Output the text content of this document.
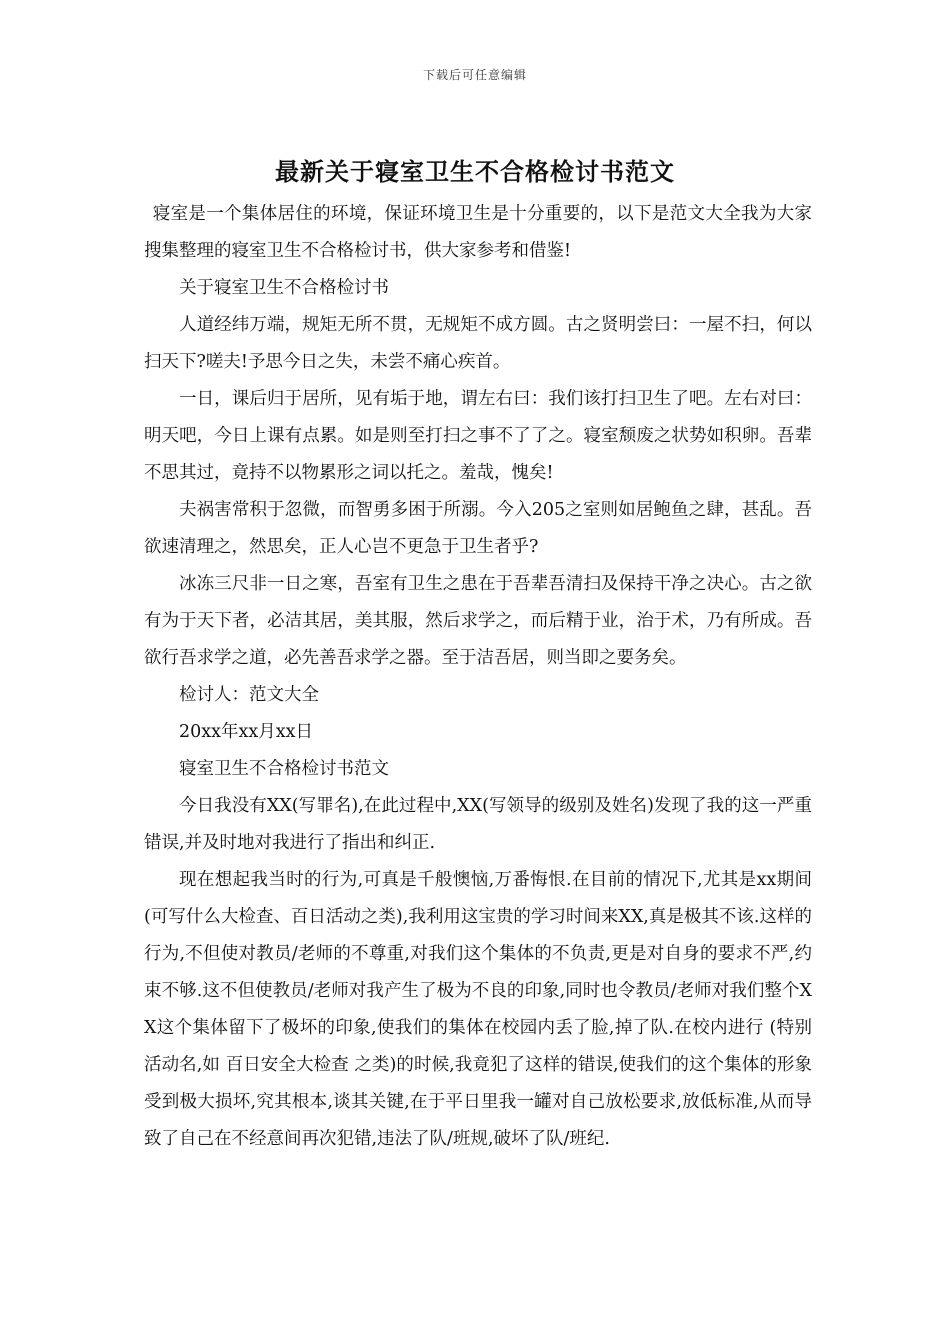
下载后可任意编辑
最新关于寝室卫生不合格检讨书范文

寝室是一个集体居住的环境，保证环境卫生是十分重要的，以下是范文大全我为大家搜集整理的寝室卫生不合格检讨书，供大家参考和借鉴!

关于寝室卫生不合格检讨书

人道经纬万端，规矩无所不贯，无规矩不成方圆。古之贤明尝曰：一屋不扫，何以扫天下?嗟夫!予思今日之失，未尝不痛心疾首。

一日，课后归于居所，见有垢于地，谓左右曰：我们该打扫卫生了吧。左右对曰：明天吧，今日上课有点累。如是则至打扫之事不了了之。寝室颓废之状势如积卵。吾辈不思其过，竟持不以物累形之词以托之。羞哉，愧矣!

夫祸害常积于忽微，而智勇多困于所溺。今入205之室则如居鲍鱼之肆，甚乱。吾欲速清理之，然思矣，正人心岂不更急于卫生者乎?

冰冻三尺非一日之寒，吾室有卫生之患在于吾辈吾清扫及保持干净之决心。古之欲有为于天下者，必洁其居，美其服，然后求学之，而后精于业，治于术，乃有所成。吾欲行吾求学之道，必先善吾求学之器。至于洁吾居，则当即之要务矣。

检讨人：范文大全

20xx年xx月xx日

寝室卫生不合格检讨书范文

今日我没有XX(写罪名),在此过程中,XX(写领导的级别及姓名)发现了我的这一严重错误,并及时地对我进行了指出和纠正.

现在想起我当时的行为,可真是千般懊恼,万番悔恨.在目前的情况下,尤其是xx期间(可写什么大检查、百日活动之类),我利用这宝贵的学习时间来XX,真是极其不该.这样的行为,不但使对教员/老师的不尊重,对我们这个集体的不负责,更是对自身的要求不严,约束不够.这不但使教员/老师对我产生了极为不良的印象,同时也令教员/老师对我们整个XX这个集体留下了极坏的印象,使我们的集体在校园内丢了脸,掉了队.在校内进行 (特别活动名,如 百日安全大检查 之类)的时候,我竟犯了这样的错误,使我们的这个集体的形象受到极大损坏,究其根本,谈其关键,在于平日里我一罐对自己放松要求,放低标准,从而导致了自己在不经意间再次犯错,违法了队/班规,破坏了队/班纪.
